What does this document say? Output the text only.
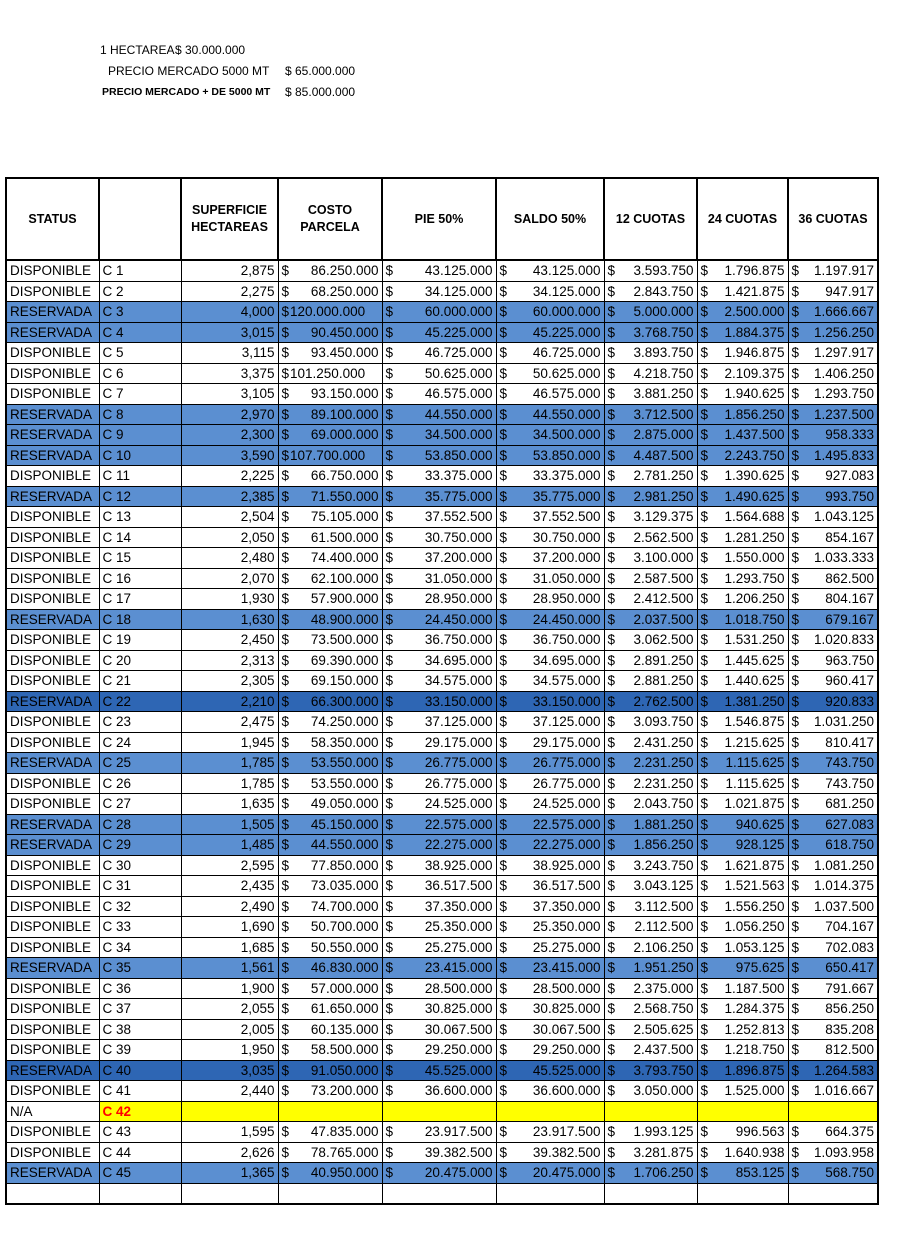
1 HECTAREA $ 30.000.000
PRECIO MERCADO 5000 MT $ 65.000.000
PRECIO MERCADO + DE 5000 MT $ 85.000.000
STATUS		SUPERFICIE HECTAREAS	COSTO PARCELA	PIE 50%	SALDO 50%	12 CUOTAS	24 CUOTAS	36 CUOTAS
DISPONIBLE	C 1	2,875	$ 86.250.000	$ 43.125.000	$ 43.125.000	$ 3.593.750	$ 1.796.875	$ 1.197.917

DISPONIBLE	C 2	2,275	$ 68.250.000	$ 34.125.000	$ 34.125.000	$ 2.843.750	$ 1.421.875	$ 947.917

RESERVADA	C 3	4,000	$ 120.000.000	$ 60.000.000	$ 60.000.000	$ 5.000.000	$ 2.500.000	$ 1.666.667

RESERVADA	C 4	3,015	$ 90.450.000	$ 45.225.000	$ 45.225.000	$ 3.768.750	$ 1.884.375	$ 1.256.250

DISPONIBLE	C 5	3,115	$ 93.450.000	$ 46.725.000	$ 46.725.000	$ 3.893.750	$ 1.946.875	$ 1.297.917

DISPONIBLE	C 6	3,375	$ 101.250.000	$ 50.625.000	$ 50.625.000	$ 4.218.750	$ 2.109.375	$ 1.406.250

DISPONIBLE	C 7	3,105	$ 93.150.000	$ 46.575.000	$ 46.575.000	$ 3.881.250	$ 1.940.625	$ 1.293.750

RESERVADA	C 8	2,970	$ 89.100.000	$ 44.550.000	$ 44.550.000	$ 3.712.500	$ 1.856.250	$ 1.237.500

RESERVADA	C 9	2,300	$ 69.000.000	$ 34.500.000	$ 34.500.000	$ 2.875.000	$ 1.437.500	$ 958.333

RESERVADA	C 10	3,590	$ 107.700.000	$ 53.850.000	$ 53.850.000	$ 4.487.500	$ 2.243.750	$ 1.495.833

DISPONIBLE	C 11	2,225	$ 66.750.000	$ 33.375.000	$ 33.375.000	$ 2.781.250	$ 1.390.625	$ 927.083

RESERVADA	C 12	2,385	$ 71.550.000	$ 35.775.000	$ 35.775.000	$ 2.981.250	$ 1.490.625	$ 993.750

DISPONIBLE	C 13	2,504	$ 75.105.000	$ 37.552.500	$ 37.552.500	$ 3.129.375	$ 1.564.688	$ 1.043.125

DISPONIBLE	C 14	2,050	$ 61.500.000	$ 30.750.000	$ 30.750.000	$ 2.562.500	$ 1.281.250	$ 854.167

DISPONIBLE	C 15	2,480	$ 74.400.000	$ 37.200.000	$ 37.200.000	$ 3.100.000	$ 1.550.000	$ 1.033.333

DISPONIBLE	C 16	2,070	$ 62.100.000	$ 31.050.000	$ 31.050.000	$ 2.587.500	$ 1.293.750	$ 862.500

DISPONIBLE	C 17	1,930	$ 57.900.000	$ 28.950.000	$ 28.950.000	$ 2.412.500	$ 1.206.250	$ 804.167

RESERVADA	C 18	1,630	$ 48.900.000	$ 24.450.000	$ 24.450.000	$ 2.037.500	$ 1.018.750	$ 679.167

DISPONIBLE	C 19	2,450	$ 73.500.000	$ 36.750.000	$ 36.750.000	$ 3.062.500	$ 1.531.250	$ 1.020.833

DISPONIBLE	C 20	2,313	$ 69.390.000	$ 34.695.000	$ 34.695.000	$ 2.891.250	$ 1.445.625	$ 963.750

DISPONIBLE	C 21	2,305	$ 69.150.000	$ 34.575.000	$ 34.575.000	$ 2.881.250	$ 1.440.625	$ 960.417

RESERVADA	C 22	2,210	$ 66.300.000	$ 33.150.000	$ 33.150.000	$ 2.762.500	$ 1.381.250	$ 920.833

DISPONIBLE	C 23	2,475	$ 74.250.000	$ 37.125.000	$ 37.125.000	$ 3.093.750	$ 1.546.875	$ 1.031.250

DISPONIBLE	C 24	1,945	$ 58.350.000	$ 29.175.000	$ 29.175.000	$ 2.431.250	$ 1.215.625	$ 810.417

RESERVADA	C 25	1,785	$ 53.550.000	$ 26.775.000	$ 26.775.000	$ 2.231.250	$ 1.115.625	$ 743.750

DISPONIBLE	C 26	1,785	$ 53.550.000	$ 26.775.000	$ 26.775.000	$ 2.231.250	$ 1.115.625	$ 743.750

DISPONIBLE	C 27	1,635	$ 49.050.000	$ 24.525.000	$ 24.525.000	$ 2.043.750	$ 1.021.875	$ 681.250

RESERVADA	C 28	1,505	$ 45.150.000	$ 22.575.000	$ 22.575.000	$ 1.881.250	$ 940.625	$ 627.083

RESERVADA	C 29	1,485	$ 44.550.000	$ 22.275.000	$ 22.275.000	$ 1.856.250	$ 928.125	$ 618.750

DISPONIBLE	C 30	2,595	$ 77.850.000	$ 38.925.000	$ 38.925.000	$ 3.243.750	$ 1.621.875	$ 1.081.250

DISPONIBLE	C 31	2,435	$ 73.035.000	$ 36.517.500	$ 36.517.500	$ 3.043.125	$ 1.521.563	$ 1.014.375

DISPONIBLE	C 32	2,490	$ 74.700.000	$ 37.350.000	$ 37.350.000	$ 3.112.500	$ 1.556.250	$ 1.037.500

DISPONIBLE	C 33	1,690	$ 50.700.000	$ 25.350.000	$ 25.350.000	$ 2.112.500	$ 1.056.250	$ 704.167

DISPONIBLE	C 34	1,685	$ 50.550.000	$ 25.275.000	$ 25.275.000	$ 2.106.250	$ 1.053.125	$ 702.083

RESERVADA	C 35	1,561	$ 46.830.000	$ 23.415.000	$ 23.415.000	$ 1.951.250	$ 975.625	$ 650.417

DISPONIBLE	C 36	1,900	$ 57.000.000	$ 28.500.000	$ 28.500.000	$ 2.375.000	$ 1.187.500	$ 791.667

DISPONIBLE	C 37	2,055	$ 61.650.000	$ 30.825.000	$ 30.825.000	$ 2.568.750	$ 1.284.375	$ 856.250

DISPONIBLE	C 38	2,005	$ 60.135.000	$ 30.067.500	$ 30.067.500	$ 2.505.625	$ 1.252.813	$ 835.208

DISPONIBLE	C 39	1,950	$ 58.500.000	$ 29.250.000	$ 29.250.000	$ 2.437.500	$ 1.218.750	$ 812.500

RESERVADA	C 40	3,035	$ 91.050.000	$ 45.525.000	$ 45.525.000	$ 3.793.750	$ 1.896.875	$ 1.264.583

DISPONIBLE	C 41	2,440	$ 73.200.000	$ 36.600.000	$ 36.600.000	$ 3.050.000	$ 1.525.000	$ 1.016.667

N/A	C 42							
DISPONIBLE	C 43	1,595	$ 47.835.000	$ 23.917.500	$ 23.917.500	$ 1.993.125	$ 996.563	$ 664.375

DISPONIBLE	C 44	2,626	$ 78.765.000	$ 39.382.500	$ 39.382.500	$ 3.281.875	$ 1.640.938	$ 1.093.958

RESERVADA	C 45	1,365	$ 40.950.000	$ 20.475.000	$ 20.475.000	$ 1.706.250	$ 853.125	$ 568.750
